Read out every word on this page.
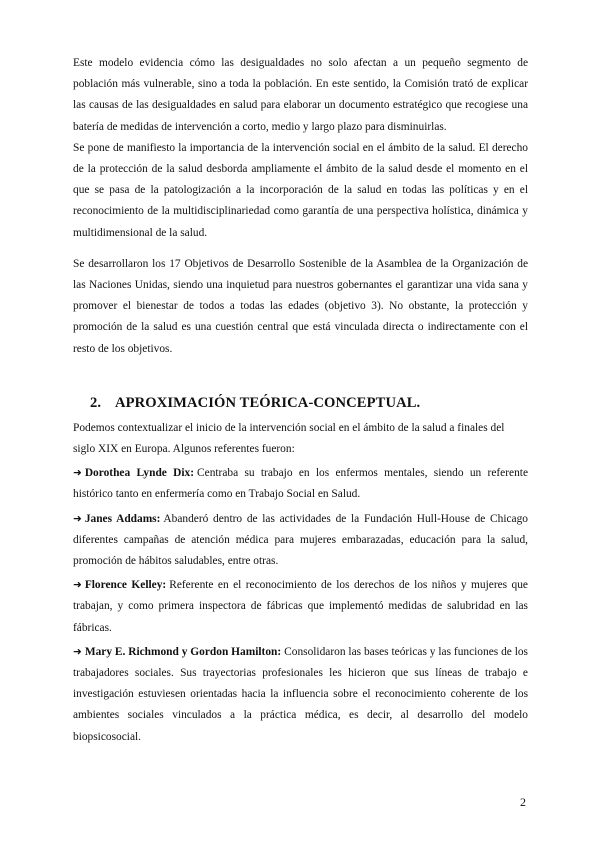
Este modelo evidencia cómo las desigualdades no solo afectan a un pequeño segmento de población más vulnerable, sino a toda la población. En este sentido, la Comisión trató de explicar las causas de las desigualdades en salud para elaborar un documento estratégico que recogiese una batería de medidas de intervención a corto, medio y largo plazo para disminuirlas.

Se pone de manifiesto la importancia de la intervención social en el ámbito de la salud. El derecho de la protección de la salud desborda ampliamente el ámbito de la salud desde el momento en el que se pasa de la patologización a la incorporación de la salud en todas las políticas y en el reconocimiento de la multidisciplinariedad como garantía de una perspectiva holística, dinámica y multidimensional de la salud.

Se desarrollaron los 17 Objetivos de Desarrollo Sostenible de la Asamblea de la Organización de las Naciones Unidas, siendo una inquietud para nuestros gobernantes el garantizar una vida sana y promover el bienestar de todos a todas las edades (objetivo 3). No obstante, la protección y promoción de la salud es una cuestión central que está vinculada directa o indirectamente con el resto de los objetivos.

2. APROXIMACIÓN TEÓRICA-CONCEPTUAL.

Podemos contextualizar el inicio de la intervención social en el ámbito de la salud a finales del siglo XIX en Europa. Algunos referentes fueron:

➜ Dorothea Lynde Dix: Centraba su trabajo en los enfermos mentales, siendo un referente histórico tanto en enfermería como en Trabajo Social en Salud.

➜ Janes Addams: Abanderó dentro de las actividades de la Fundación Hull-House de Chicago diferentes campañas de atención médica para mujeres embarazadas, educación para la salud, promoción de hábitos saludables, entre otras.

➜ Florence Kelley: Referente en el reconocimiento de los derechos de los niños y mujeres que trabajan, y como primera inspectora de fábricas que implementó medidas de salubridad en las fábricas.

➜ Mary E. Richmond y Gordon Hamilton: Consolidaron las bases teóricas y las funciones de los trabajadores sociales. Sus trayectorias profesionales les hicieron que sus líneas de trabajo e investigación estuviesen orientadas hacia la influencia sobre el reconocimiento coherente de los ambientes sociales vinculados a la práctica médica, es decir, al desarrollo del modelo biopsicosocial.

2
